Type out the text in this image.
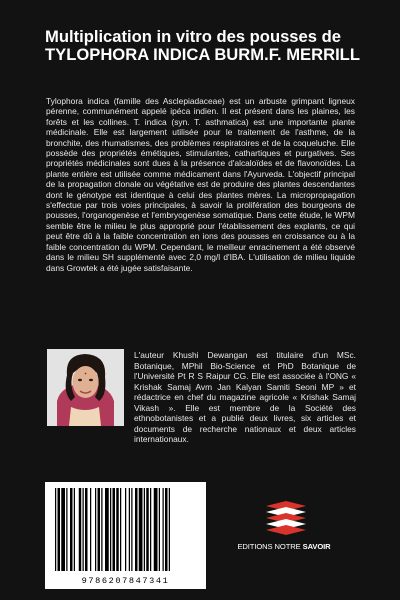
Multiplication in vitro des pousses de TYLOPHORA INDICA BURM.F. MERRILL

Tylophora indica (famille des Asclepiadaceae) est un arbuste grimpant ligneux pérenne, communément appelé ipéca indien. Il est présent dans les plaines, les forêts et les collines. T. indica (syn. T. asthmatica) est une importante plante médicinale. Elle est largement utilisée pour le traitement de l'asthme, de la bronchite, des rhumatismes, des problèmes respiratoires et de la coqueluche. Elle possède des propriétés émétiques, stimulantes, cathartiques et purgatives. Ses propriétés médicinales sont dues à la présence d'alcaloïdes et de flavonoïdes. La plante entière est utilisée comme médicament dans l'Ayurveda. L'objectif principal de la propagation clonale ou végétative est de produire des plantes descendantes dont le génotype est identique à celui des plantes mères. La micropropagation s'effectue par trois voies principales, à savoir la prolifération des bourgeons de pousses, l'organogenèse et l'embryogenèse somatique. Dans cette étude, le WPM semble être le milieu le plus approprié pour l'établissement des explants, ce qui peut être dû à la faible concentration en ions des pousses en croissance ou à la faible concentration du WPM. Cependant, le meilleur enracinement a été observé dans le milieu SH supplémenté avec 2,0 mg/l d'IBA. L'utilisation de milieu liquide dans Growtek a été jugée satisfaisante.

L'auteur Khushi Dewangan est titulaire d'un MSc. Botanique, MPhil Bio-Science et PhD Botanique de l'Université Pt R S Raipur CG. Elle est associée à l'ONG « Krishak Samaj Avm Jan Kalyan Samiti Seoni MP » et rédactrice en chef du magazine agricole « Krishak Samaj Vikash ». Elle est membre de la Société des ethnobotanistes et a publié deux livres, six articles et documents de recherche nationaux et deux articles internationaux.

9786207847341
EDITIONS NOTRE SAVOIR
